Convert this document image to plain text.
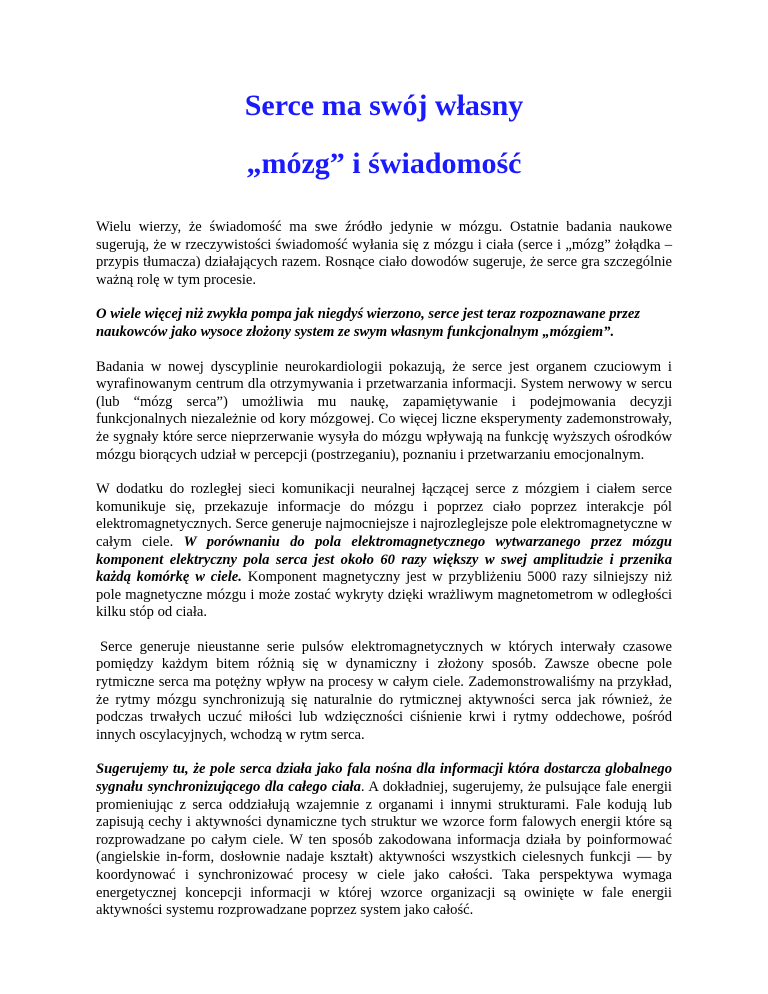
Serce ma swój własny
„mózg” i świadomość

Wielu wierzy, że świadomość ma swe źródło jedynie w mózgu. Ostatnie badania naukowe sugerują, że w rzeczywistości świadomość wyłania się z mózgu i ciała (serce i „mózg” żołądka – przypis tłumacza) działających razem. Rosnące ciało dowodów sugeruje, że serce gra szczególnie ważną rolę w tym procesie.

O wiele więcej niż zwykła pompa jak niegdyś wierzono, serce jest teraz rozpoznawane przez naukowców jako wysoce złożony system ze swym własnym funkcjonalnym „mózgiem”.

Badania w nowej dyscyplinie neurokardiologii pokazują, że serce jest organem czuciowym i wyrafinowanym centrum dla otrzymywania i przetwarzania informacji. System nerwowy w sercu (lub “mózg serca”) umożliwia mu naukę, zapamiętywanie i podejmowania decyzji funkcjonalnych niezależnie od kory mózgowej. Co więcej liczne eksperymenty zademonstrowały, że sygnały które serce nieprzerwanie wysyła do mózgu wpływają na funkcję wyższych ośrodków mózgu biorących udział w percepcji (postrzeganiu), poznaniu i przetwarzaniu emocjonalnym.

W dodatku do rozległej sieci komunikacji neuralnej łączącej serce z mózgiem i ciałem serce komunikuje się, przekazuje informacje do mózgu i poprzez ciało poprzez interakcje pól elektromagnetycznych. Serce generuje najmocniejsze i najrozleglejsze pole elektromagnetyczne w całym ciele. W porównaniu do pola elektromagnetycznego wytwarzanego przez mózgu komponent elektryczny pola serca jest około 60 razy większy w swej amplitudzie i przenika każdą komórkę w ciele. Komponent magnetyczny jest w przybliżeniu 5000 razy silniejszy niż pole magnetyczne mózgu i może zostać wykryty dzięki wrażliwym magnetometrom w odległości kilku stóp od ciała.

Serce generuje nieustanne serie pulsów elektromagnetycznych w których interwały czasowe pomiędzy każdym bitem różnią się w dynamiczny i złożony sposób. Zawsze obecne pole rytmiczne serca ma potężny wpływ na procesy w całym ciele. Zademonstrowaliśmy na przykład, że rytmy mózgu synchronizują się naturalnie do rytmicznej aktywności serca jak również, że podczas trwałych uczuć miłości lub wdzięczności ciśnienie krwi i rytmy oddechowe, pośród innych oscylacyjnych, wchodzą w rytm serca.

Sugerujemy tu, że pole serca działa jako fala nośna dla informacji która dostarcza globalnego sygnału synchronizującego dla całego ciała. A dokładniej, sugerujemy, że pulsujące fale energii promieniując z serca oddziałują wzajemnie z organami i innymi strukturami. Fale kodują lub zapisują cechy i aktywności dynamiczne tych struktur we wzorce form falowych energii które są rozprowadzane po całym ciele. W ten sposób zakodowana informacja działa by poinformować (angielskie in-form, dosłownie nadaje kształt) aktywności wszystkich cielesnych funkcji — by koordynować i synchronizować procesy w ciele jako całości. Taka perspektywa wymaga energetycznej koncepcji informacji w której wzorce organizacji są owinięte w fale energii aktywności systemu rozprowadzane poprzez system jako całość.
